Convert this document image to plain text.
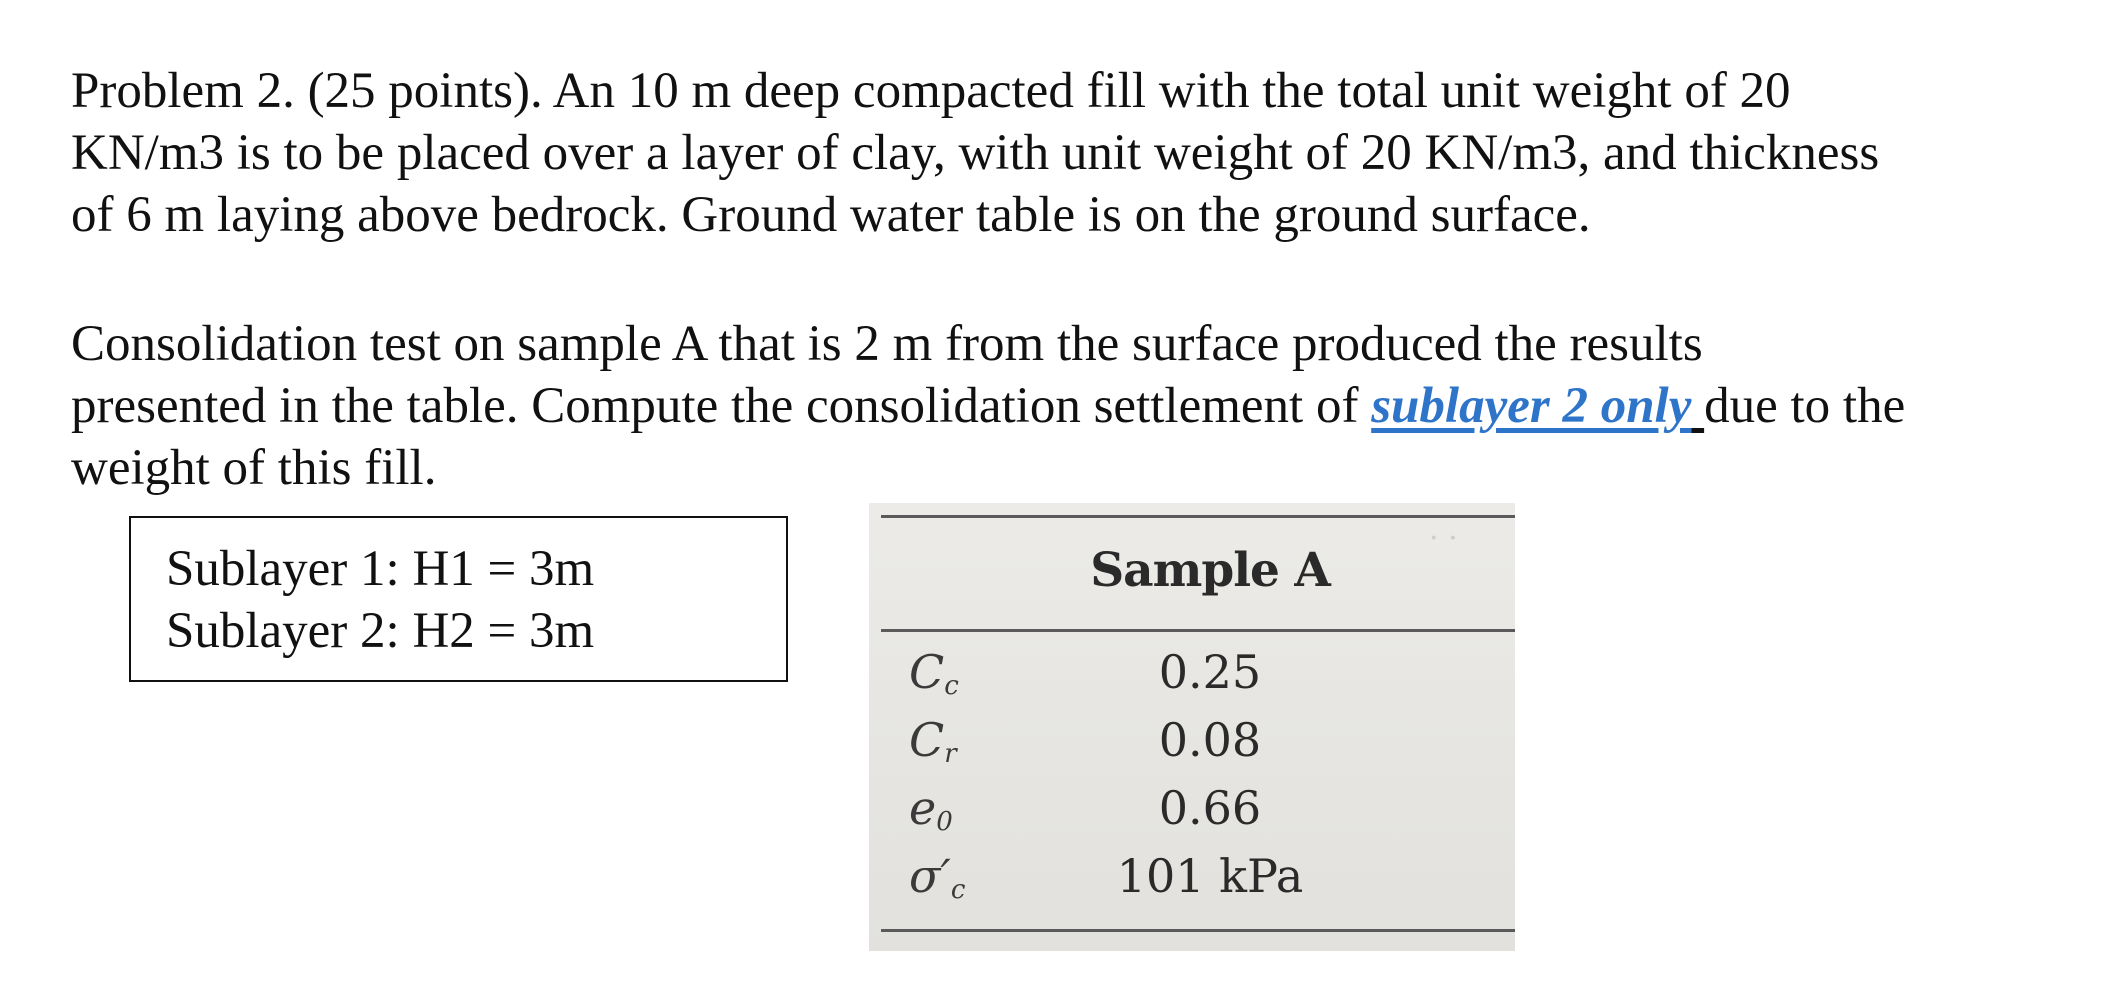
Problem 2. (25 points). An 10 m deep compacted fill with the total unit weight of 20
KN/m3 is to be placed over a layer of clay, with unit weight of 20 KN/m3, and thickness
of 6 m laying above bedrock. Ground water table is on the ground surface.

Consolidation test on sample A that is 2 m from the surface produced the results
presented in the table. Compute the consolidation settlement of sublayer 2 only due to the
weight of this fill.

Sublayer 1: H1 = 3m
Sublayer 2: H2 = 3m
· ·
Sample A
$C_c$	0.25
$C_r$	0.08
$e_0$	0.66
$\sigma'_c$	101 kPa
